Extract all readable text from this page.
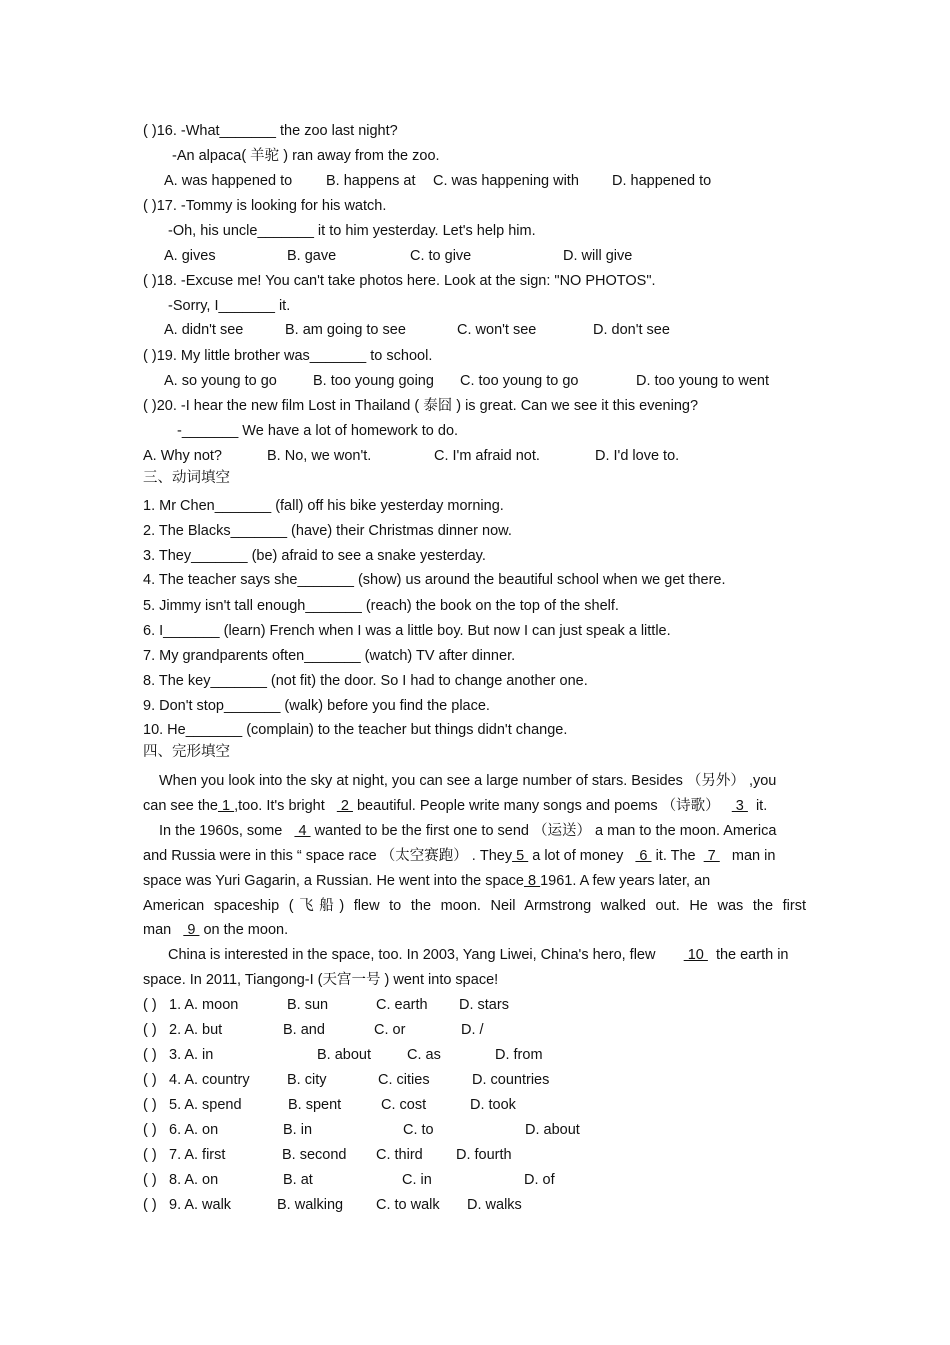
( )16. -What_______ the zoo last night?
-An alpaca( 羊驼 ) ran away from the zoo.
A. was happened to B. happens at C. was happening with D. happened to
( )17. -Tommy is looking for his watch.
-Oh, his uncle_______ it to him yesterday. Let's help him.
A. gives	B. gave	C. to give	D. will give
( )18. -Excuse me! You can't take photos here. Look at the sign: "NO PHOTOS".
-Sorry, I_______ it.
A. didn't see	B. am going to see	C. won't see	D. don't see
( )19. My little brother was_______ to school.
A. so young to go B. too young going C. too young to go	D. too young to went
( )20. -I hear the new film Lost in Thailand ( 泰囧 ) is great. Can we see it this evening?
-_______ We have a lot of homework to do.
A. Why not?	B. No, we won't.	C. I'm afraid not.	D. I'd love to.
三、动词填空
1. Mr Chen_______ (fall) off his bike yesterday morning.
2. The Blacks_______ (have) their Christmas dinner now.
3. They_______ (be) afraid to see a snake yesterday.
4. The teacher says she_______ (show) us around the beautiful school when we get there.
5. Jimmy isn't tall enough_______ (reach) the book on the top of the shelf.
6. I_______ (learn) French when I was a little boy. But now I can just speak a little.
7. My grandparents often_______ (watch) TV after dinner.
8. The key_______ (not fit) the door. So I had to change another one.
9. Don't stop_______ (walk) before you find the place.
10. He_______ (complain) to the teacher but things didn't change.
四、完形填空
When you look into the sky at night, you can see a large number of stars. Besides （另外） ,you
can see the 1 ,too. It's bright    2  beautiful. People write many songs and poems （诗歌）    3   it.
In the 1960s, some    4  wanted to be the first one to send （运送） a man to the moon. America
and Russia were in this “ space race （太空赛跑） . They 5  a lot of money    6  it. The   7    man in
space was Yuri Gagarin, a Russian. He went into the space 8 1961. A few years later, an
American spaceship (飞船) flew to the moon. Neil Armstrong walked out. He was the first
man    9  on the moon.
China is interested in the space, too. In 2003, Yang Liwei, China's hero, flew        10   the earth in
space. In 2011, Tiangong-I (天宫一号 ) went into space!
( ) 1. A. moon	B. sun	C. earth D. stars
( ) 2. A. but	B. and	C. or	D. /
( ) 3. A. in	B. about C. as	D. from
( ) 4. A. country	B. city	C. cities	D. countries
( ) 5. A. spend	B. spent	C. cost	D. took
( ) 6. A. on	B. in	C. to	D. about
( ) 7. A. first	B. second C. third D. fourth
( ) 8. A. on	B. at	C. in	D. of
( ) 9. A. walk	B. walking C. to walk D. walks
